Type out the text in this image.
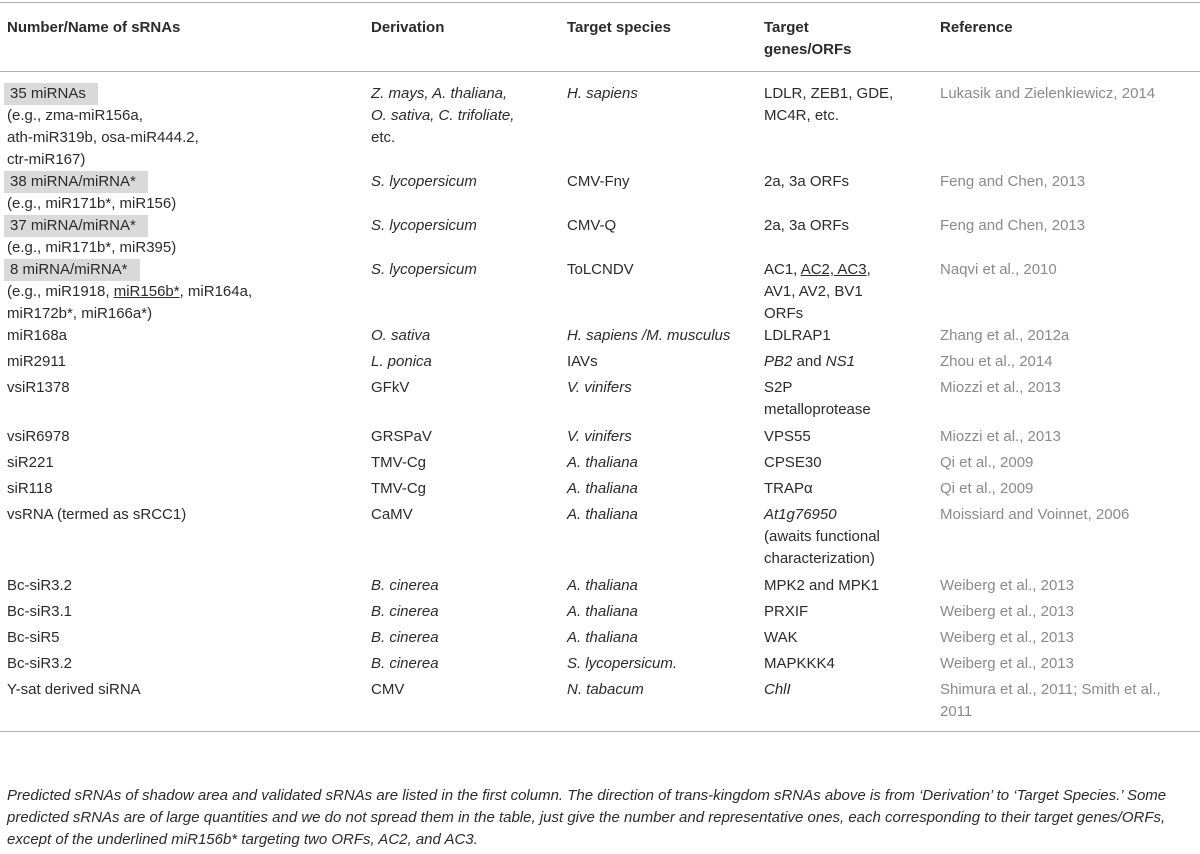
Number/Name of sRNAs	Derivation	Target species	Target
genes/ORFs	Reference
35 miRNAs
(e.g., zma-miR156a,
ath-miR319b, osa-miR444.2,
ctr-miR167)	Z. mays, A. thaliana,
O. sativa, C. trifoliate,
etc.	H. sapiens	LDLR, ZEB1, GDE,
MC4R, etc.	Lukasik and Zielenkiewicz, 2014
38 miRNA/miRNA*
(e.g., miR171b*, miR156)	S. lycopersicum	CMV-Fny	2a, 3a ORFs	Feng and Chen, 2013
37 miRNA/miRNA*
(e.g., miR171b*, miR395)	S. lycopersicum	CMV-Q	2a, 3a ORFs	Feng and Chen, 2013
8 miRNA/miRNA*
(e.g., miR1918, miR156b*, miR164a,
miR172b*, miR166a*)	S. lycopersicum	ToLCNDV	AC1, AC2, AC3,
AV1, AV2, BV1
ORFs	Naqvi et al., 2010
miR168a	O. sativa	H. sapiens /M. musculus	LDLRAP1	Zhang et al., 2012a
miR2911	L. ponica	IAVs	PB2 and NS1	Zhou et al., 2014
vsiR1378	GFkV	V. vinifers	S2P
metalloprotease	Miozzi et al., 2013
vsiR6978	GRSPaV	V. vinifers	VPS55	Miozzi et al., 2013
siR221	TMV-Cg	A. thaliana	CPSE30	Qi et al., 2009
siR118	TMV-Cg	A. thaliana	TRAPα	Qi et al., 2009
vsRNA (termed as sRCC1)	CaMV	A. thaliana	At1g76950
(awaits functional
characterization)	Moissiard and Voinnet, 2006
Bc-siR3.2	B. cinerea	A. thaliana	MPK2 and MPK1	Weiberg et al., 2013
Bc-siR3.1	B. cinerea	A. thaliana	PRXIF	Weiberg et al., 2013
Bc-siR5	B. cinerea	A. thaliana	WAK	Weiberg et al., 2013
Bc-siR3.2	B. cinerea	S. lycopersicum.	MAPKKK4	Weiberg et al., 2013
Y-sat derived siRNA	CMV	N. tabacum	ChlI	Shimura et al., 2011; Smith et al.,
2011

Predicted sRNAs of shadow area and validated sRNAs are listed in the first column. The direction of trans-kingdom sRNAs above is from ‘Derivation’ to ‘Target Species.’ Some predicted sRNAs are of large quantities and we do not spread them in the table, just give the number and representative ones, each corresponding to their target genes/ORFs, except of the underlined miR156b* targeting two ORFs, AC2, and AC3.
